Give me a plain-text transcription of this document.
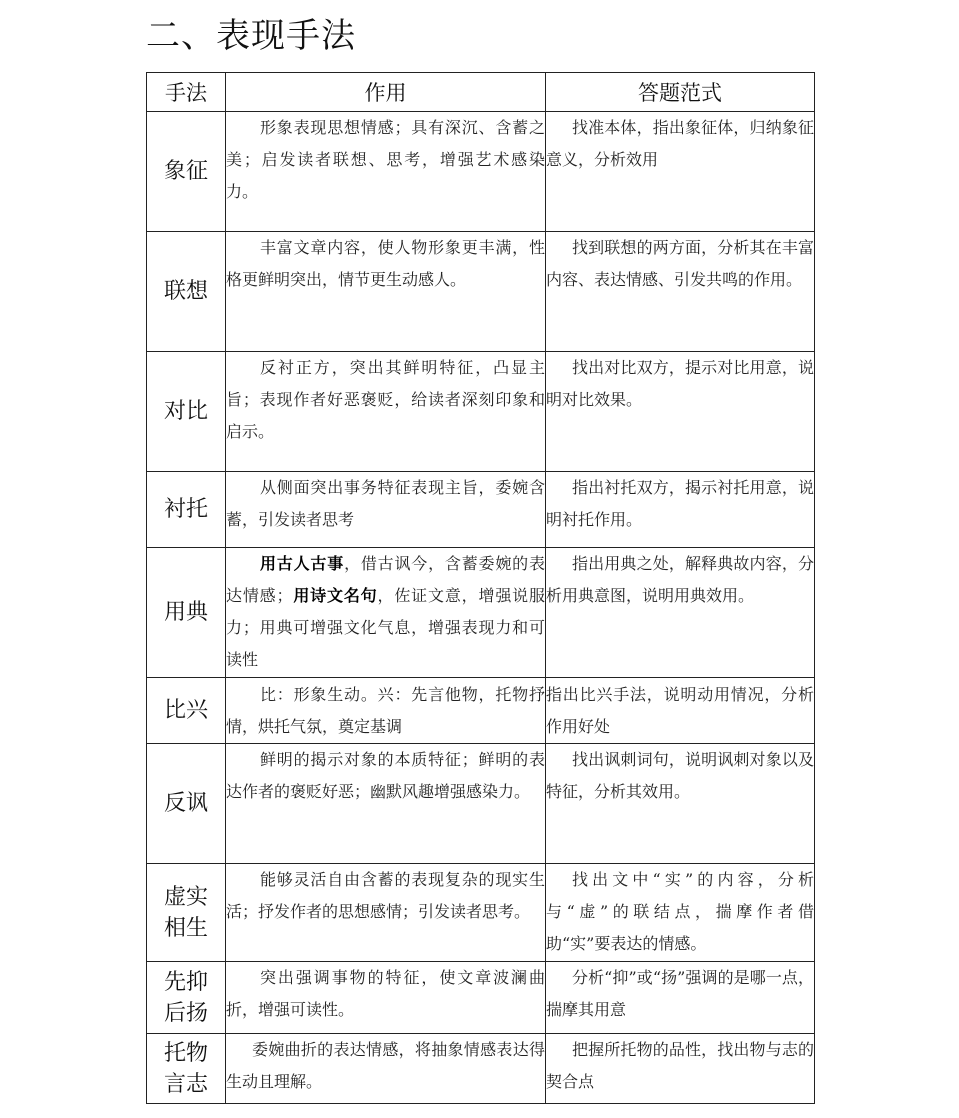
二、表现手法
手法	作用	答题范式

象征	形象表现思想情感；具有深沉、含蓄之美；启发读者联想、思考，增强艺术感染力。	找准本体，指出象征体，归纳象征意义，分析效用

联想	丰富文章内容，使人物形象更丰满，性格更鲜明突出，情节更生动感人。	找到联想的两方面，分析其在丰富内容、表达情感、引发共鸣的作用。

对比	反衬正方，突出其鲜明特征，凸显主旨；表现作者好恶褒贬，给读者深刻印象和启示。	找出对比双方，提示对比用意，说明对比效果。

衬托	从侧面突出事务特征表现主旨，委婉含蓄，引发读者思考	指出衬托双方，揭示衬托用意，说明衬托作用。

用典	用古人古事，借古讽今，含蓄委婉的表达情感；用诗文名句，佐证文意，增强说服力；用典可增强文化气息，增强表现力和可读性	指出用典之处，解释典故内容，分析用典意图，说明用典效用。

比兴	比：形象生动。兴：先言他物，托物抒情，烘托气氛，奠定基调	指出比兴手法，说明动用情况，分析作用好处

反讽	鲜明的揭示对象的本质特征；鲜明的表达作者的褒贬好恶；幽默风趣增强感染力。	找出讽刺词句，说明讽刺对象以及特征，分析其效用。

虚实
相生	能够灵活自由含蓄的表现复杂的现实生活；抒发作者的思想感情；引发读者思考。	找出文中“实”的内容，分析与“虚”的联结点，揣摩作者借助“实”要表达的情感。

先抑
后扬	突出强调事物的特征，使文章波澜曲折，增强可读性。	分析“抑”或“扬”强调的是哪一点，揣摩其用意

托物
言志	委婉曲折的表达情感，将抽象情感表达得生动且理解。	把握所托物的品性，找出物与志的契合点
